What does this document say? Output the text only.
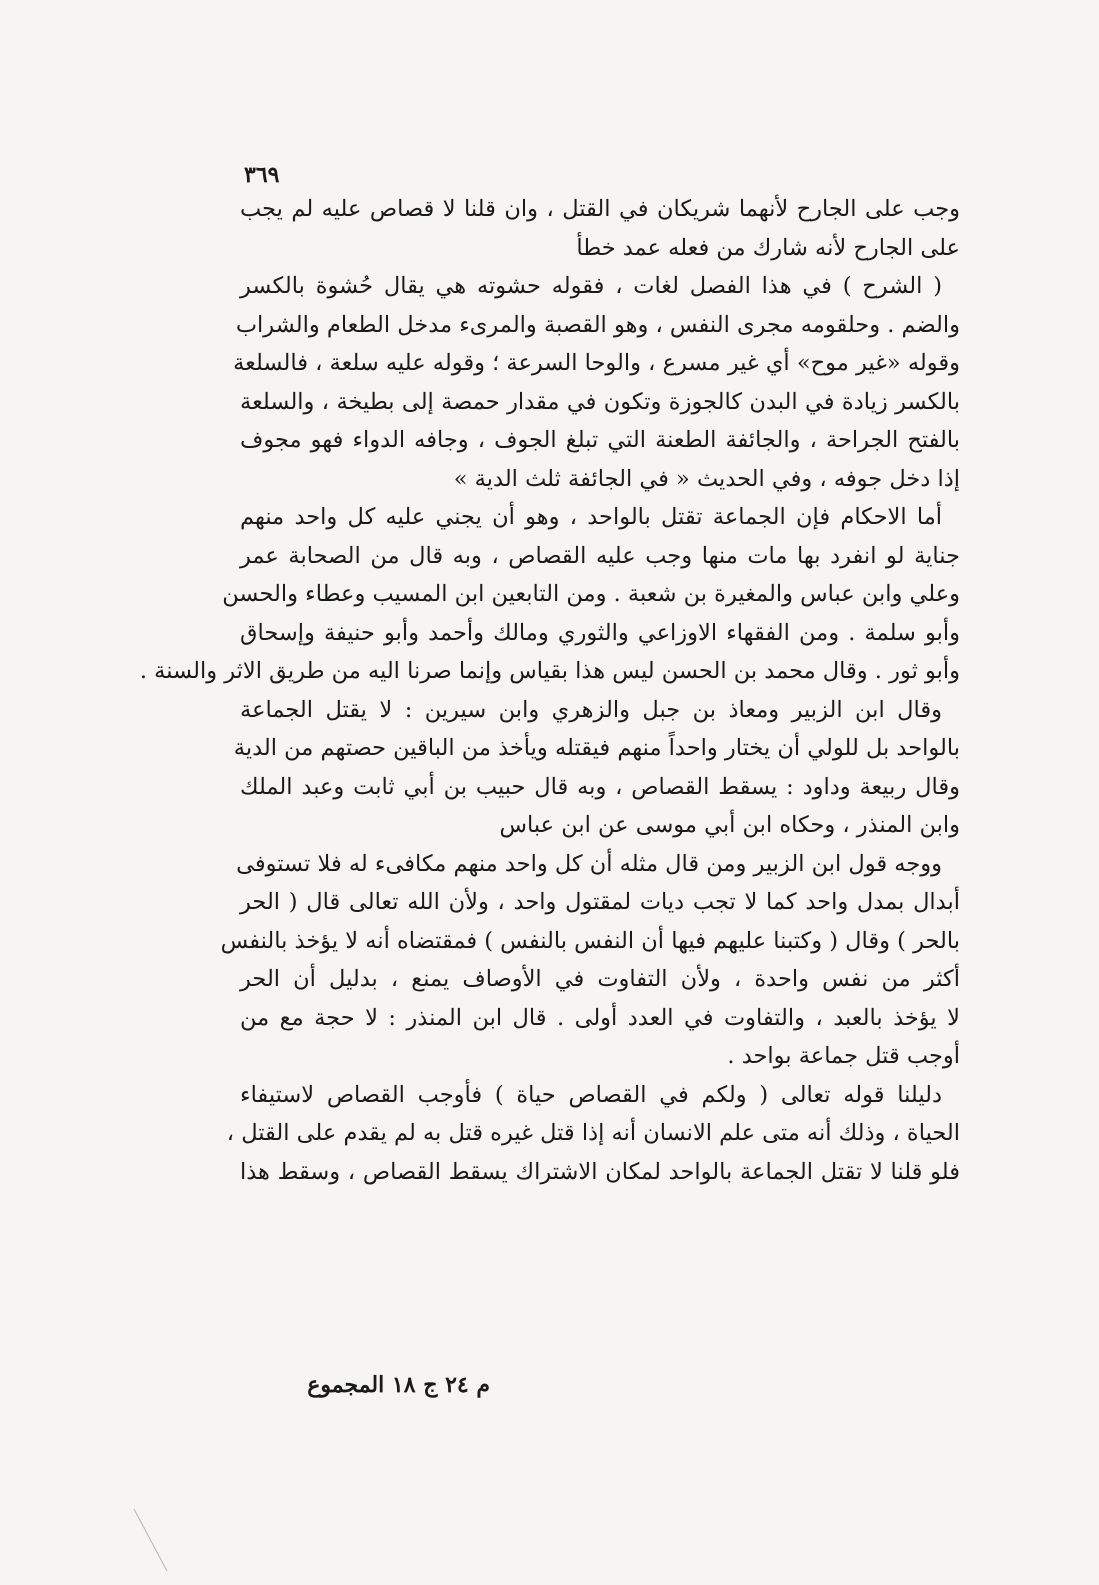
٣٦٩
وجب على الجارح لأنهما شريكان في القتل ، وان قلنا لا قصاص عليه لم يجب
على الجارح لأنه شارك من فعله عمد خطأ
( الشرح ) في هذا الفصل لغات ، فقوله حشوته هي يقال حُشوة بالكسر
والضم . وحلقومه مجرى النفس ، وهو القصبة والمرىء مدخل الطعام والشراب
وقوله «غير موح» أي غير مسرع ، والوحا السرعة ؛ وقوله عليه سلعة ، فالسلعة
بالكسر زيادة في البدن كالجوزة وتكون في مقدار حمصة إلى بطيخة ، والسلعة
بالفتح الجراحة ، والجائفة الطعنة التي تبلغ الجوف ، وجافه الدواء فهو مجوف
إذا دخل جوفه ، وفي الحديث « في الجائفة ثلث الدية »
أما الاحكام فإن الجماعة تقتل بالواحد ، وهو أن يجني عليه كل واحد منهم
جناية لو انفرد بها مات منها وجب عليه القصاص ، وبه قال من الصحابة عمر
وعلي وابن عباس والمغيرة بن شعبة . ومن التابعين ابن المسيب وعطاء والحسن
وأبو سلمة . ومن الفقهاء الاوزاعي والثوري ومالك وأحمد وأبو حنيفة وإسحاق
وأبو ثور . وقال محمد بن الحسن ليس هذا بقياس وإنما صرنا اليه من طريق الاثر والسنة .
وقال ابن الزبير ومعاذ بن جبل والزهري وابن سيرين : لا يقتل الجماعة
بالواحد بل للولي أن يختار واحداً منهم فيقتله ويأخذ من الباقين حصتهم من الدية
وقال ربيعة وداود : يسقط القصاص ، وبه قال حبيب بن أبي ثابت وعبد الملك
وابن المنذر ، وحكاه ابن أبي موسى عن ابن عباس
ووجه قول ابن الزبير ومن قال مثله أن كل واحد منهم مكافىء له فلا تستوفى
أبدال بمدل واحد كما لا تجب ديات لمقتول واحد ، ولأن الله تعالى قال ( الحر
بالحر ) وقال ( وكتبنا عليهم فيها أن النفس بالنفس ) فمقتضاه أنه لا يؤخذ بالنفس
أكثر من نفس واحدة ، ولأن التفاوت في الأوصاف يمنع ، بدليل أن الحر
لا يؤخذ بالعبد ، والتفاوت في العدد أولى . قال ابن المنذر : لا حجة مع من
أوجب قتل جماعة بواحد .
دليلنا قوله تعالى ( ولكم في القصاص حياة ) فأوجب القصاص لاستيفاء
الحياة ، وذلك أنه متى علم الانسان أنه إذا قتل غيره قتل به لم يقدم على القتل ،
فلو قلنا لا تقتل الجماعة بالواحد لمكان الاشتراك يسقط القصاص ، وسقط هذا
م ٢٤ ج ١٨ المجموع
